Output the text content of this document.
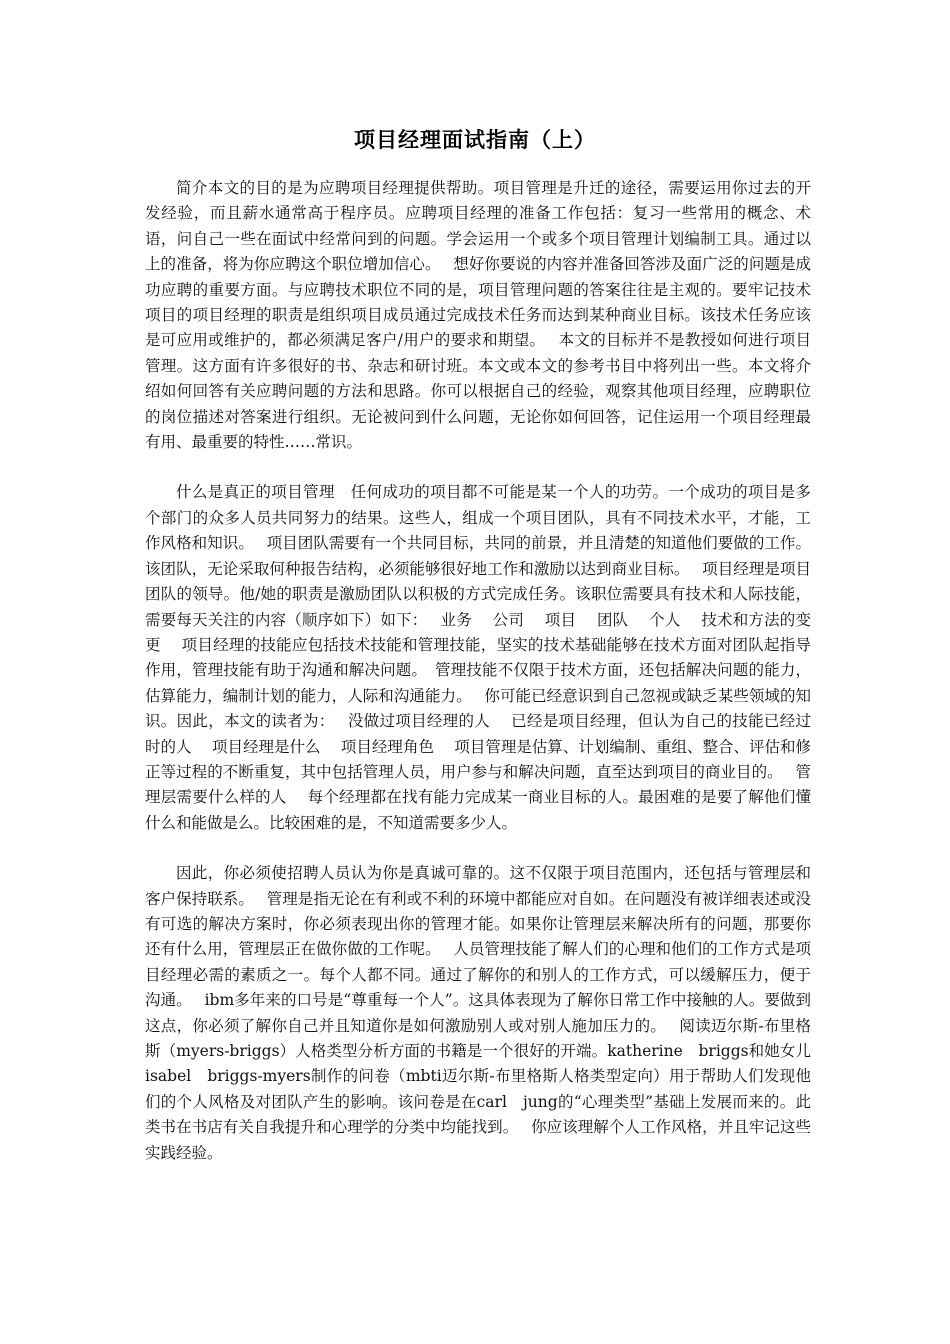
项目经理面试指南（上）

简介本文的目的是为应聘项目经理提供帮助。项目管理是升迁的途径，需要运用你过去的开发经验，而且薪水通常高于程序员。应聘项目经理的准备工作包括：复习一些常用的概念、术语，问自己一些在面试中经常问到的问题。学会运用一个或多个项目管理计划编制工具。通过以上的准备，将为你应聘这个职位增加信心。　 想好你要说的内容并准备回答涉及面广泛的问题是成功应聘的重要方面。与应聘技术职位不同的是，项目管理问题的答案往往是主观的。要牢记技术项目的项目经理的职责是组织项目成员通过完成技术任务而达到某种商业目标。该技术任务应该是可应用或维护的，都必须满足客户/用户的要求和期望。　 本文的目标并不是教授如何进行项目管理。这方面有许多很好的书、杂志和研讨班。本文或本文的参考书目中将列出一些。本文将介绍如何回答有关应聘问题的方法和思路。你可以根据自己的经验，观察其他项目经理，应聘职位的岗位描述对答案进行组织。无论被问到什么问题，无论你如何回答，记住运用一个项目经理最有用、最重要的特性……常识。

什么是真正的项目管理　任何成功的项目都不可能是某一个人的功劳。一个成功的项目是多个部门的众多人员共同努力的结果。这些人，组成一个项目团队，具有不同技术水平，才能，工作风格和知识。　 项目团队需要有一个共同目标，共同的前景，并且清楚的知道他们要做的工作。该团队，无论采取何种报告结构，必须能够很好地工作和激励以达到商业目标。　 项目经理是项目团队的领导。他/她的职责是激励团队以积极的方式完成任务。该职位需要具有技术和人际技能，需要每天关注的内容（顺序如下）如下：　 业务　 公司　 项目　 团队　 个人　 技术和方法的变更　 项目经理的技能应包括技术技能和管理技能，坚实的技术基础能够在技术方面对团队起指导作用，管理技能有助于沟通和解决问题。　管理技能不仅限于技术方面，还包括解决问题的能力，估算能力，编制计划的能力，人际和沟通能力。　 你可能已经意识到自己忽视或缺乏某些领域的知识。因此，本文的读者为：　 没做过项目经理的人　 已经是项目经理，但认为自己的技能已经过时的人　 项目经理是什么　 项目经理角色　 项目管理是估算、计划编制、重组、整合、评估和修正等过程的不断重复，其中包括管理人员，用户参与和解决问题，直至达到项目的商业目的。　 管理层需要什么样的人　 每个经理都在找有能力完成某一商业目标的人。最困难的是要了解他们懂什么和能做是么。比较困难的是，不知道需要多少人。

因此，你必须使招聘人员认为你是真诚可靠的。这不仅限于项目范围内，还包括与管理层和客户保持联系。　 管理是指无论在有利或不利的环境中都能应对自如。在问题没有被详细表述或没有可选的解决方案时，你必须表现出你的管理才能。如果你让管理层来解决所有的问题，那要你还有什么用，管理层正在做你做的工作呢。　 人员管理技能了解人们的心理和他们的工作方式是项目经理必需的素质之一。每个人都不同。通过了解你的和别人的工作方式，可以缓解压力，便于沟通。　 ibm多年来的口号是“尊重每一个人”。这具体表现为了解你日常工作中接触的人。要做到这点，你必须了解你自己并且知道你是如何激励别人或对别人施加压力的。　 阅读迈尔斯-布里格斯（myers-briggs）人格类型分析方面的书籍是一个很好的开端。katherine　briggs和她女儿isabel　briggs-myers制作的问卷（mbti迈尔斯-布里格斯人格类型定向）用于帮助人们发现他们的个人风格及对团队产生的影响。该问卷是在carl　jung的“心理类型”基础上发展而来的。此类书在书店有关自我提升和心理学的分类中均能找到。　 你应该理解个人工作风格，并且牢记这些实践经验。
